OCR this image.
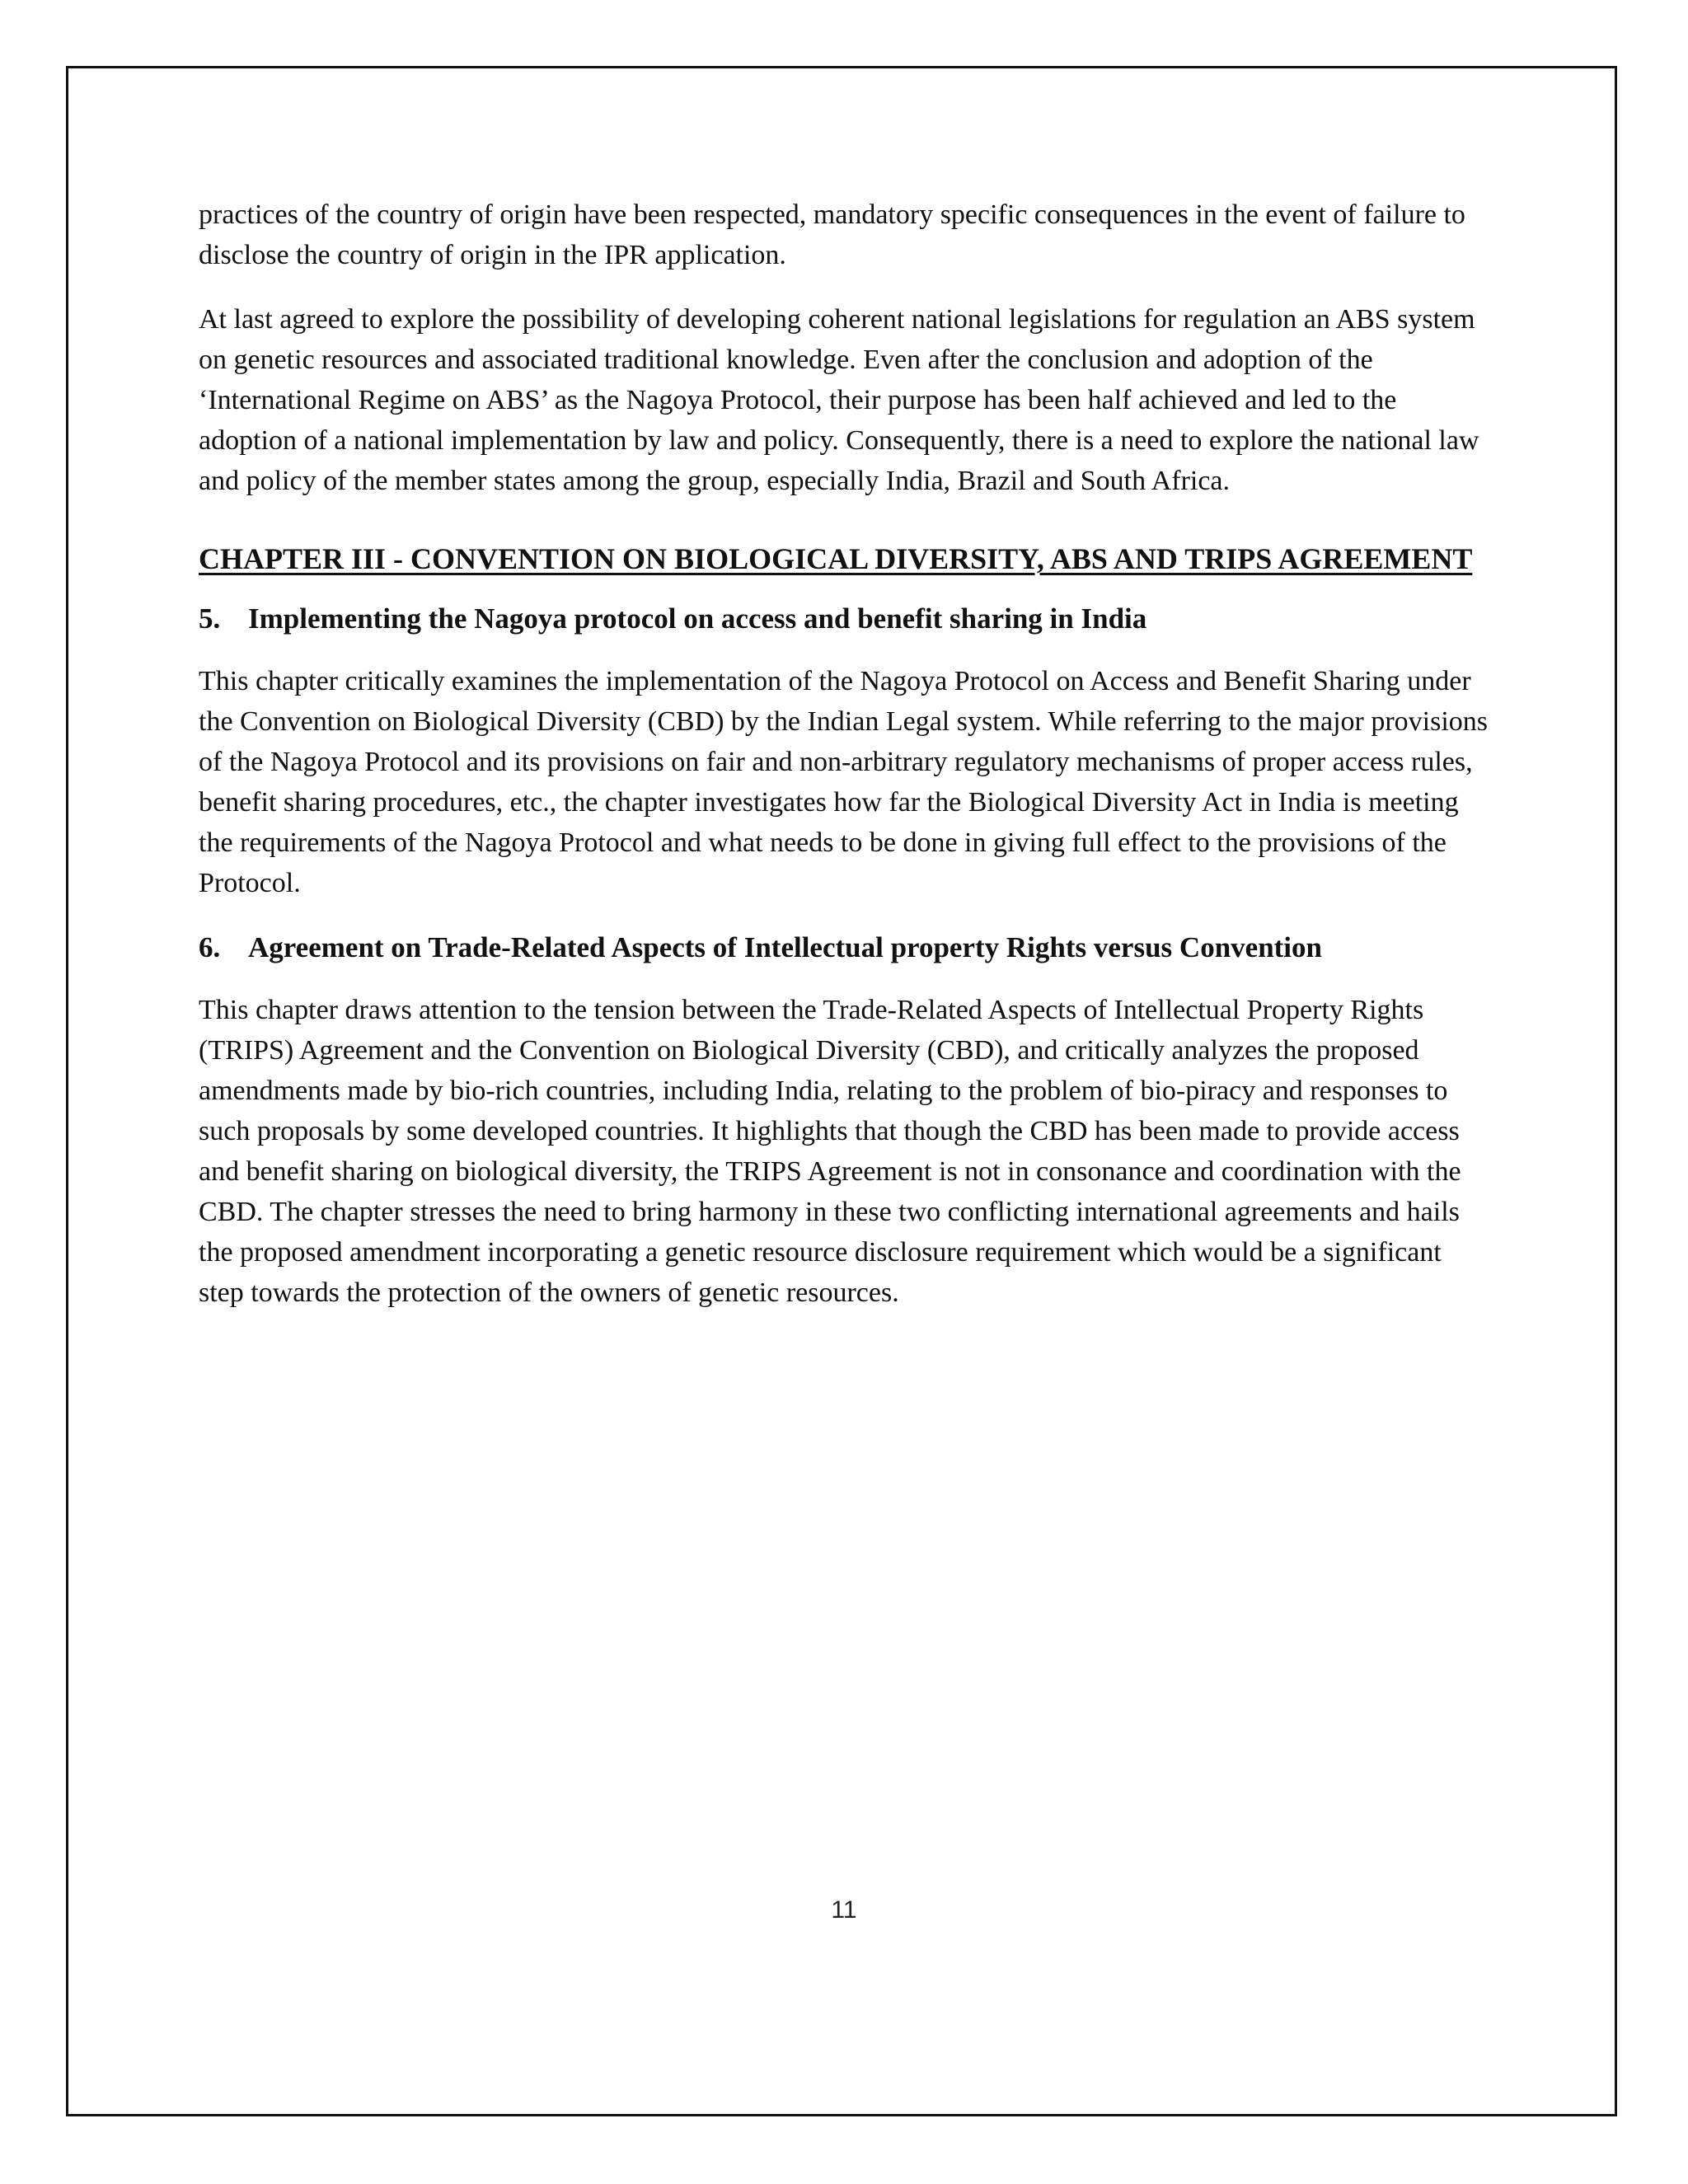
practices of the country of origin have been respected, mandatory specific consequences in the event of failure to disclose the country of origin in the IPR application.

At last agreed to explore the possibility of developing coherent national legislations for regulation an ABS system on genetic resources and associated traditional knowledge. Even after the conclusion and adoption of the ‘International Regime on ABS’ as the Nagoya Protocol, their purpose has been half achieved and led to the adoption of a national implementation by law and policy. Consequently, there is a need to explore the national law and policy of the member states among the group, especially India, Brazil and South Africa.

CHAPTER III - CONVENTION ON BIOLOGICAL DIVERSITY, ABS AND TRIPS AGREEMENT
5. Implementing the Nagoya protocol on access and benefit sharing in India

This chapter critically examines the implementation of the Nagoya Protocol on Access and Benefit Sharing under the Convention on Biological Diversity (CBD) by the Indian Legal system. While referring to the major provisions of the Nagoya Protocol and its provisions on fair and non-arbitrary regulatory mechanisms of proper access rules, benefit sharing procedures, etc., the chapter investigates how far the Biological Diversity Act in India is meeting the requirements of the Nagoya Protocol and what needs to be done in giving full effect to the provisions of the Protocol.

6. Agreement on Trade-Related Aspects of Intellectual property Rights versus Convention

This chapter draws attention to the tension between the Trade-Related Aspects of Intellectual Property Rights (TRIPS) Agreement and the Convention on Biological Diversity (CBD), and critically analyzes the proposed amendments made by bio-rich countries, including India, relating to the problem of bio-piracy and responses to such proposals by some developed countries. It highlights that though the CBD has been made to provide access and benefit sharing on biological diversity, the TRIPS Agreement is not in consonance and coordination with the CBD. The chapter stresses the need to bring harmony in these two conflicting international agreements and hails the proposed amendment incorporating a genetic resource disclosure requirement which would be a significant step towards the protection of the owners of genetic resources.

11
